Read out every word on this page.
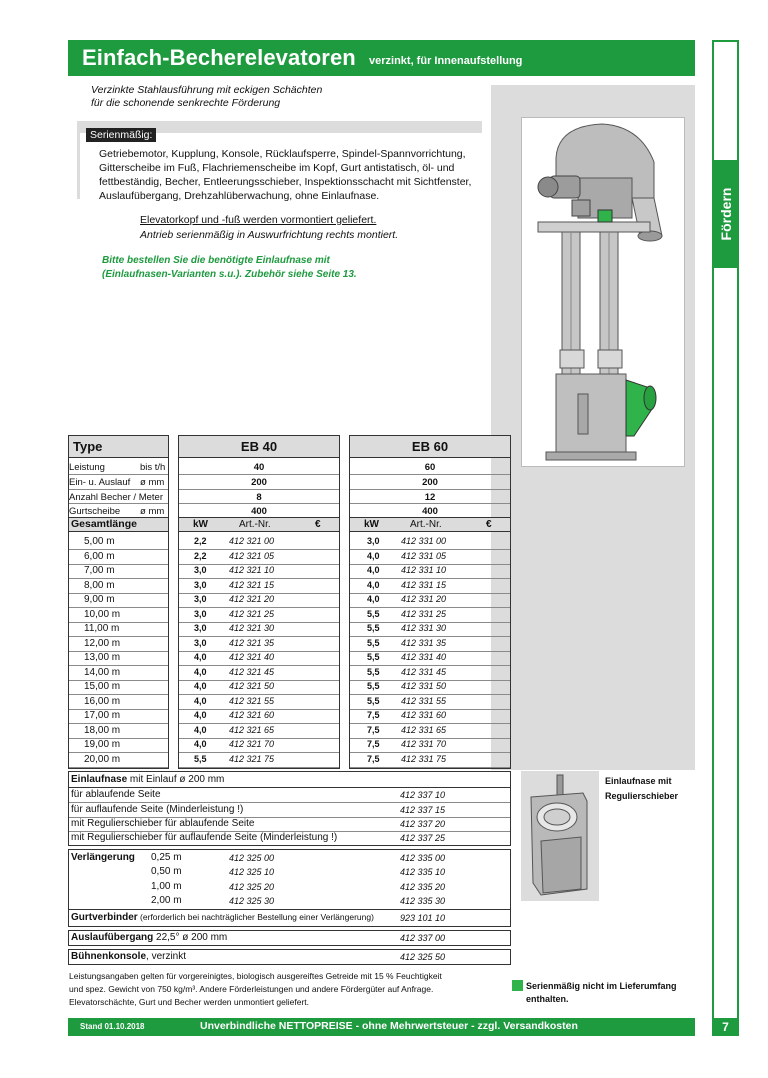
Einfach-Becherelevatoren verzinkt, für Innenaufstellung
Fördern
Verzinkte Stahlausführung mit eckigen Schächten
für die schonende senkrechte Förderung
Serienmäßig:
Getriebemotor, Kupplung, Konsole, Rücklaufsperre, Spindel-Spannvorrichtung,
Gitterscheibe im Fuß, Flachriemenscheibe im Kopf, Gurt antistatisch, öl- und
fettbeständig, Becher, Entleerungsschieber, Inspektionsschacht mit Sichtfenster,
Auslaufübergang, Drehzahlüberwachung, ohne Einlaufnase.
Elevatorkopf und -fuß werden vormontiert geliefert.
Antrieb serienmäßig in Auswurfrichtung rechts montiert.
Bitte bestellen Sie die benötigte Einlaufnase mit
(Einlaufnasen-Varianten s.u.). Zubehör siehe Seite 13.
Type	EB 40	EB 60
Leistung	bis t/h	40	60
Ein- u. Auslauf ø mm	200	200
Anzahl Becher / Meter	8	12
Gurtscheibe ø mm	400	400
Gesamtlänge	kW	Art.-Nr.	€	kW	Art.-Nr.	€
5,00 m	2,2 412 321 00	3,0 412 331 00
6,00 m	2,2 412 321 05	4,0 412 331 05
7,00 m	3,0 412 321 10	4,0 412 331 10
8,00 m	3,0 412 321 15	4,0 412 331 15
9,00 m	3,0 412 321 20	4,0 412 331 20
10,00 m	3,0 412 321 25	5,5 412 331 25
11,00 m	3,0 412 321 30	5,5 412 331 30
12,00 m	3,0 412 321 35	5,5 412 331 35
13,00 m	4,0 412 321 40	5,5 412 331 40
14,00 m	4,0 412 321 45	5,5 412 331 45
15,00 m	4,0 412 321 50	5,5 412 331 50
16,00 m	4,0 412 321 55	5,5 412 331 55
17,00 m	4,0 412 321 60	7,5 412 331 60
18,00 m	4,0 412 321 65	7,5 412 331 65
19,00 m	4,0 412 321 70	7,5 412 331 70
20,00 m	5,5 412 321 75	7,5 412 331 75
Einlaufnase mit Einlauf ø 200 mm
für ablaufende Seite	412 337 10
für auflaufende Seite (Minderleistung !)	412 337 15
mit Regulierschieber für ablaufende Seite	412 337 20
mit Regulierschieber für auflaufende Seite (Minderleistung !)	412 337 25
Einlaufnase mit
Regulierschieber
Verlängerung 0,25 m	412 325 00	412 335 00
0,50 m	412 325 10	412 335 10
1,00 m	412 325 20	412 335 20
2,00 m	412 325 30	412 335 30
Gurtverbinder (erforderlich bei nachträglicher Bestellung einer Verlängerung)	923 101 10
Auslaufübergang 22,5° ø 200 mm	412 337 00
Bühnenkonsole, verzinkt	412 325 50
Leistungsangaben gelten für vorgereinigtes, biologisch ausgereiftes Getreide mit 15 % Feuchtigkeit
und spez. Gewicht von 750 kg/m³. Andere Förderleistungen und andere Fördergüter auf Anfrage.
Elevatorschächte, Gurt und Becher werden unmontiert geliefert.
Serienmäßig nicht im Lieferumfang
enthalten.
Stand 01.10.2018	Unverbindliche NETTOPREISE - ohne Mehrwertsteuer - zzgl. Versandkosten	7
